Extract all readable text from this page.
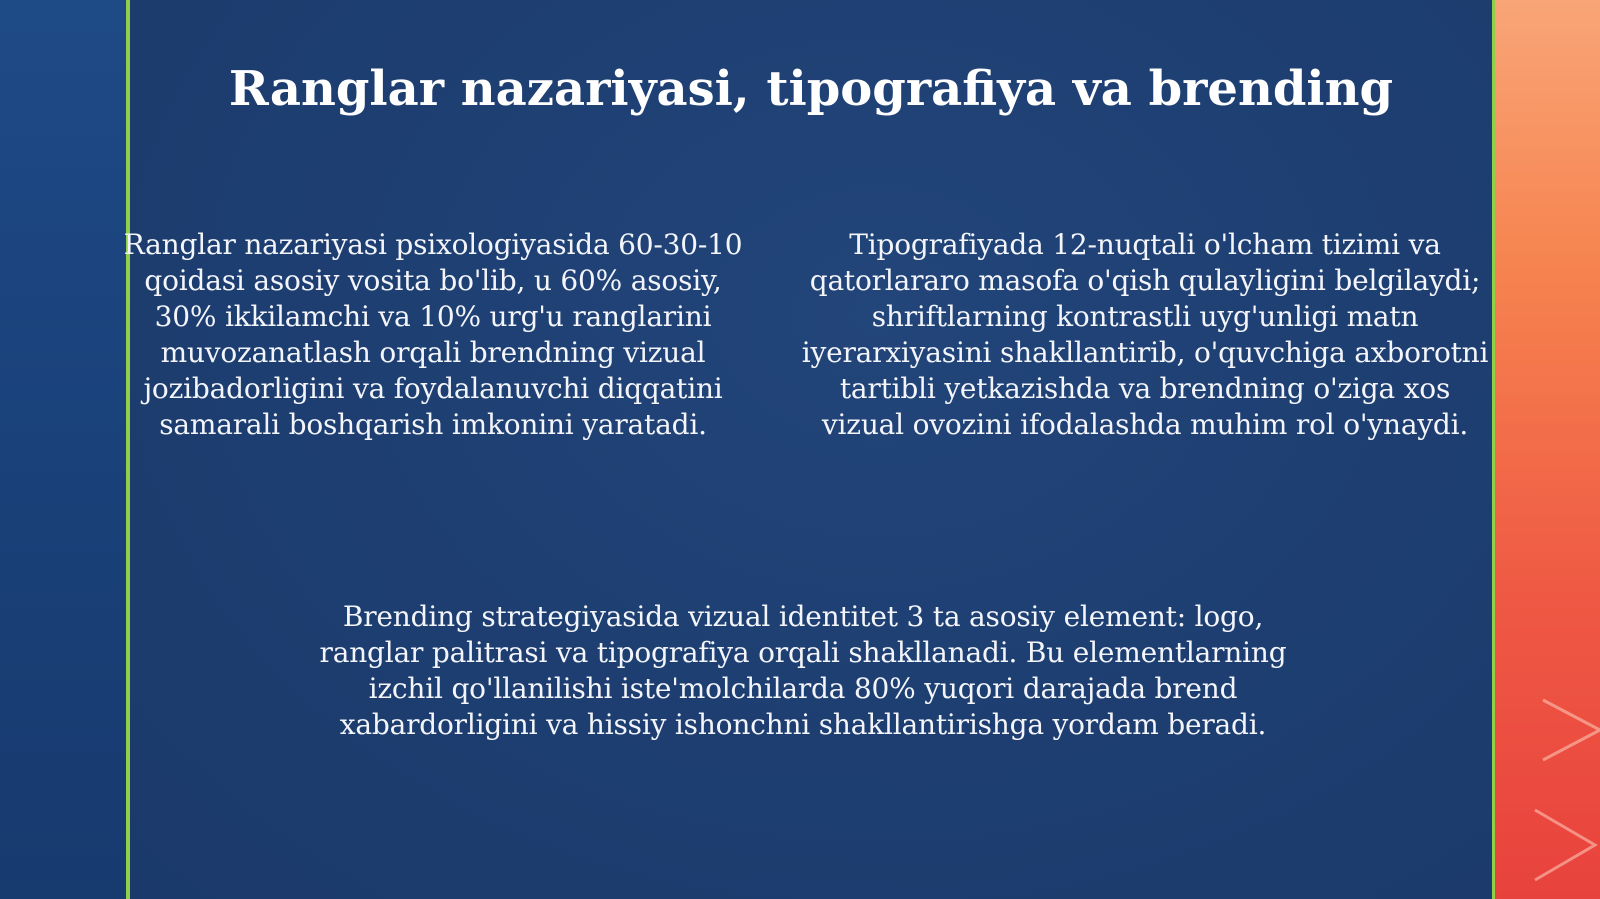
Ranglar nazariyasi, tipografiya va brending
Ranglar nazariyasi psixologiyasida 60-30-10 qoidasi asosiy vosita bo'lib, u 60% asosiy, 30% ikkilamchi va 10% urg'u ranglarini muvozanatlash orqali brendning vizual jozibadorligini va foydalanuvchi diqqatini samarali boshqarish imkonini yaratadi.
Tipografiyada 12-nuqtali o'lcham tizimi va qatorlararo masofa o'qish qulayligini belgilaydi; shriftlarning kontrastli uyg'unligi matn iyerarxiyasini shakllantirib, o'quvchiga axborotni tartibli yetkazishda va brendning o'ziga xos vizual ovozini ifodalashda muhim rol o'ynaydi.
Brending strategiyasida vizual identitet 3 ta asosiy element: logo, ranglar palitrasi va tipografiya orqali shakllanadi. Bu elementlarning izchil qo'llanilishi iste'molchilarda 80% yuqori darajada brend xabardorligini va hissiy ishonchni shakllantirishga yordam beradi.
